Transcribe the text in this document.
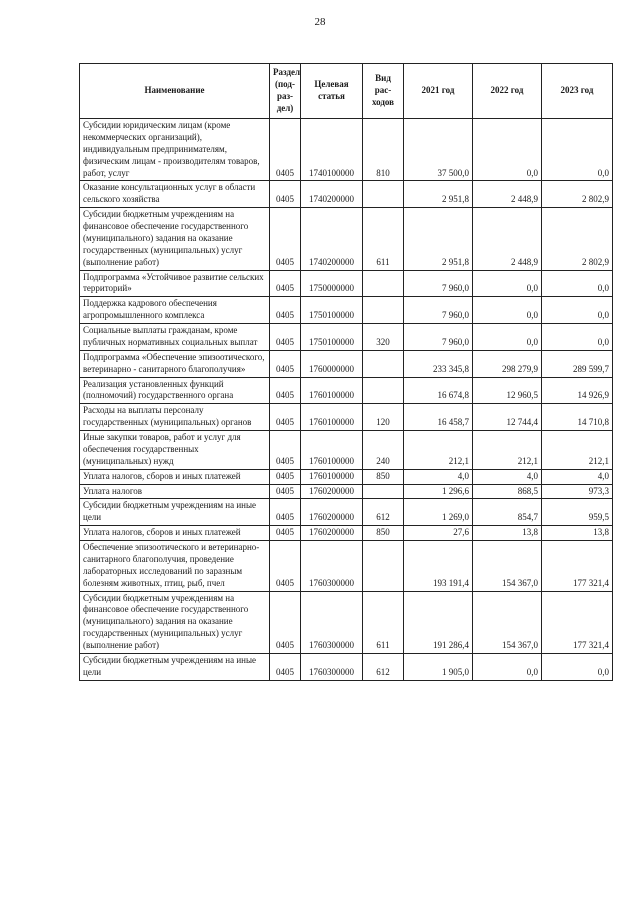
28
Наименование	Раздел (под-раз-дел)	Целевая статья	Вид рас-ходов	2021 год	2022 год	2023 год
Субсидии юридическим лицам (кроме некоммерческих организаций), индивидуальным предпринимателям, физическим лицам - производителям товаров, работ, услуг	0405	1740100000	810	37 500,0	0,0	0,0
Оказание консультационных услуг в области сельского хозяйства	0405	1740200000		2 951,8	2 448,9	2 802,9
Субсидии бюджетным учреждениям на финансовое обеспечение государственного (муниципального) задания на оказание государственных (муниципальных) услуг (выполнение работ)	0405	1740200000	611	2 951,8	2 448,9	2 802,9
Подпрограмма «Устойчивое развитие сельских территорий»	0405	1750000000		7 960,0	0,0	0,0
Поддержка кадрового обеспечения агропромышленного комплекса	0405	1750100000		7 960,0	0,0	0,0
Социальные выплаты гражданам, кроме публичных нормативных социальных выплат	0405	1750100000	320	7 960,0	0,0	0,0
Подпрограмма «Обеспечение эпизоотического, ветеринарно - санитарного благополучия»	0405	1760000000		233 345,8	298 279,9	289 599,7
Реализация установленных функций (полномочий) государственного органа	0405	1760100000		16 674,8	12 960,5	14 926,9
Расходы на выплаты персоналу государственных (муниципальных) органов	0405	1760100000	120	16 458,7	12 744,4	14 710,8
Иные закупки товаров, работ и услуг для обеспечения государственных (муниципальных) нужд	0405	1760100000	240	212,1	212,1	212,1
Уплата налогов, сборов и иных платежей	0405	1760100000	850	4,0	4,0	4,0
Уплата налогов	0405	1760200000		1 296,6	868,5	973,3
Субсидии бюджетным учреждениям на иные цели	0405	1760200000	612	1 269,0	854,7	959,5
Уплата налогов, сборов и иных платежей	0405	1760200000	850	27,6	13,8	13,8
Обеспечение эпизоотического и ветеринарно-санитарного благополучия, проведение лабораторных исследований по заразным болезням животных, птиц, рыб, пчел	0405	1760300000		193 191,4	154 367,0	177 321,4
Субсидии бюджетным учреждениям на финансовое обеспечение государственного (муниципального) задания на оказание государственных (муниципальных) услуг (выполнение работ)	0405	1760300000	611	191 286,4	154 367,0	177 321,4
Субсидии бюджетным учреждениям на иные цели	0405	1760300000	612	1 905,0	0,0	0,0
